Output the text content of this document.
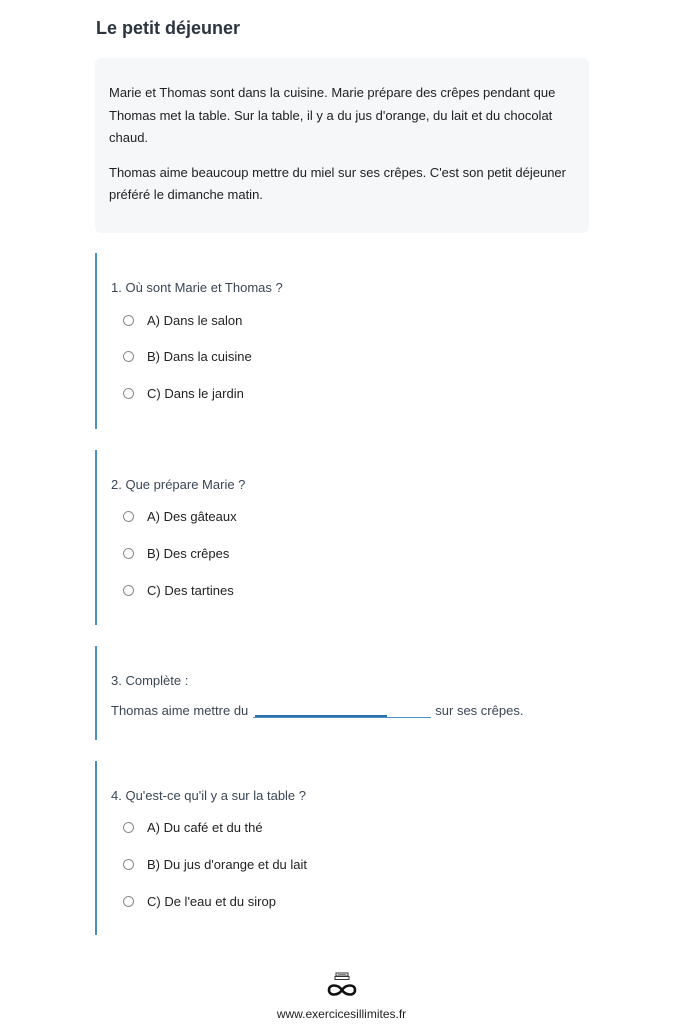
Le petit déjeuner

Marie et Thomas sont dans la cuisine. Marie prépare des crêpes pendant que Thomas met la table. Sur la table, il y a du jus d'orange, du lait et du chocolat chaud.

Thomas aime beaucoup mettre du miel sur ses crêpes. C'est son petit déjeuner préféré le dimanche matin.

1. Où sont Marie et Thomas ?
A) Dans le salon
B) Dans la cuisine
C) Dans le jardin
2. Que prépare Marie ?
A) Des gâteaux
B) Des crêpes
C) Des tartines
3. Complète :
Thomas aime mettre du	sur ses crêpes.
4. Qu'est-ce qu'il y a sur la table ?
A) Du café et du thé
B) Du jus d'orange et du lait
C) De l'eau et du sirop
www.exercicesillimites.fr
